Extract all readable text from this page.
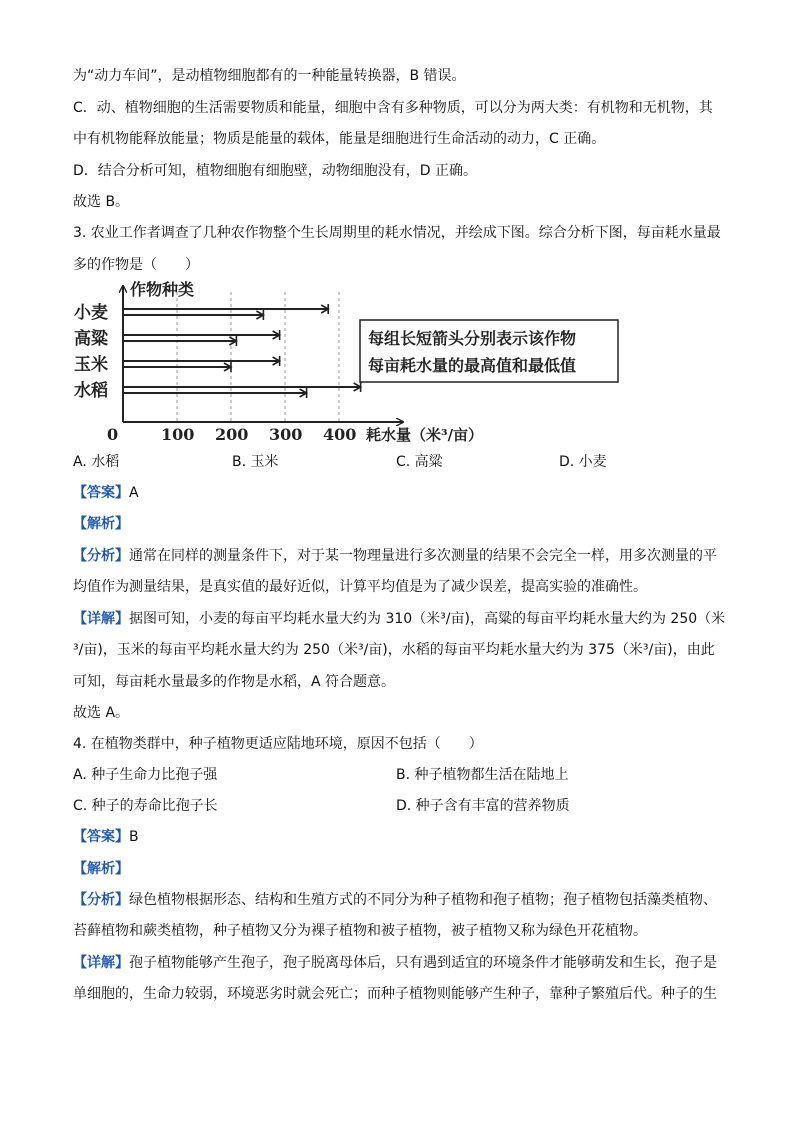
为“动力车间”，是动植物细胞都有的一种能量转换器，B 错误。
C．动、植物细胞的生活需要物质和能量，细胞中含有多种物质，可以分为两大类：有机物和无机物，其
中有机物能释放能量；物质是能量的载体，能量是细胞进行生命活动的动力，C 正确。
D．结合分析可知，植物细胞有细胞壁，动物细胞没有，D 正确。
故选 B。
3. 农业工作者调查了几种农作物整个生长周期里的耗水情况，并绘成下图。综合分析下图，每亩耗水量最
多的作物是（　　）
作物种类
小麦
高粱
玉米
水稻
0	100 200 300 400 耗水量（米³/亩）
每组长短箭头分别表示该作物
每亩耗水量的最高值和最低值
A. 水稻	B. 玉米	C. 高粱	D. 小麦
【答案】A
【解析】
【分析】通常在同样的测量条件下，对于某一物理量进行多次测量的结果不会完全一样，用多次测量的平
均值作为测量结果，是真实值的最好近似，计算平均值是为了减少误差，提高实验的准确性。
【详解】据图可知，小麦的每亩平均耗水量大约为 310（米³/亩)，高粱的每亩平均耗水量大约为 250（米
³/亩)，玉米的每亩平均耗水量大约为 250（米³/亩)，水稻的每亩平均耗水量大约为 375（米³/亩)，由此
可知，每亩耗水量最多的作物是水稻，A 符合题意。
故选 A。
4. 在植物类群中，种子植物更适应陆地环境，原因不包括（　　）
A. 种子生命力比孢子强	B. 种子植物都生活在陆地上
C. 种子的寿命比孢子长	D. 种子含有丰富的营养物质
【答案】B
【解析】
【分析】绿色植物根据形态、结构和生殖方式的不同分为种子植物和孢子植物；孢子植物包括藻类植物、
苔藓植物和蕨类植物，种子植物又分为裸子植物和被子植物，被子植物又称为绿色开花植物。
【详解】孢子植物能够产生孢子，孢子脱离母体后，只有遇到适宜的环境条件才能够萌发和生长，孢子是
单细胞的，生命力较弱，环境恶劣时就会死亡；而种子植物则能够产生种子，靠种子繁殖后代。种子的生
